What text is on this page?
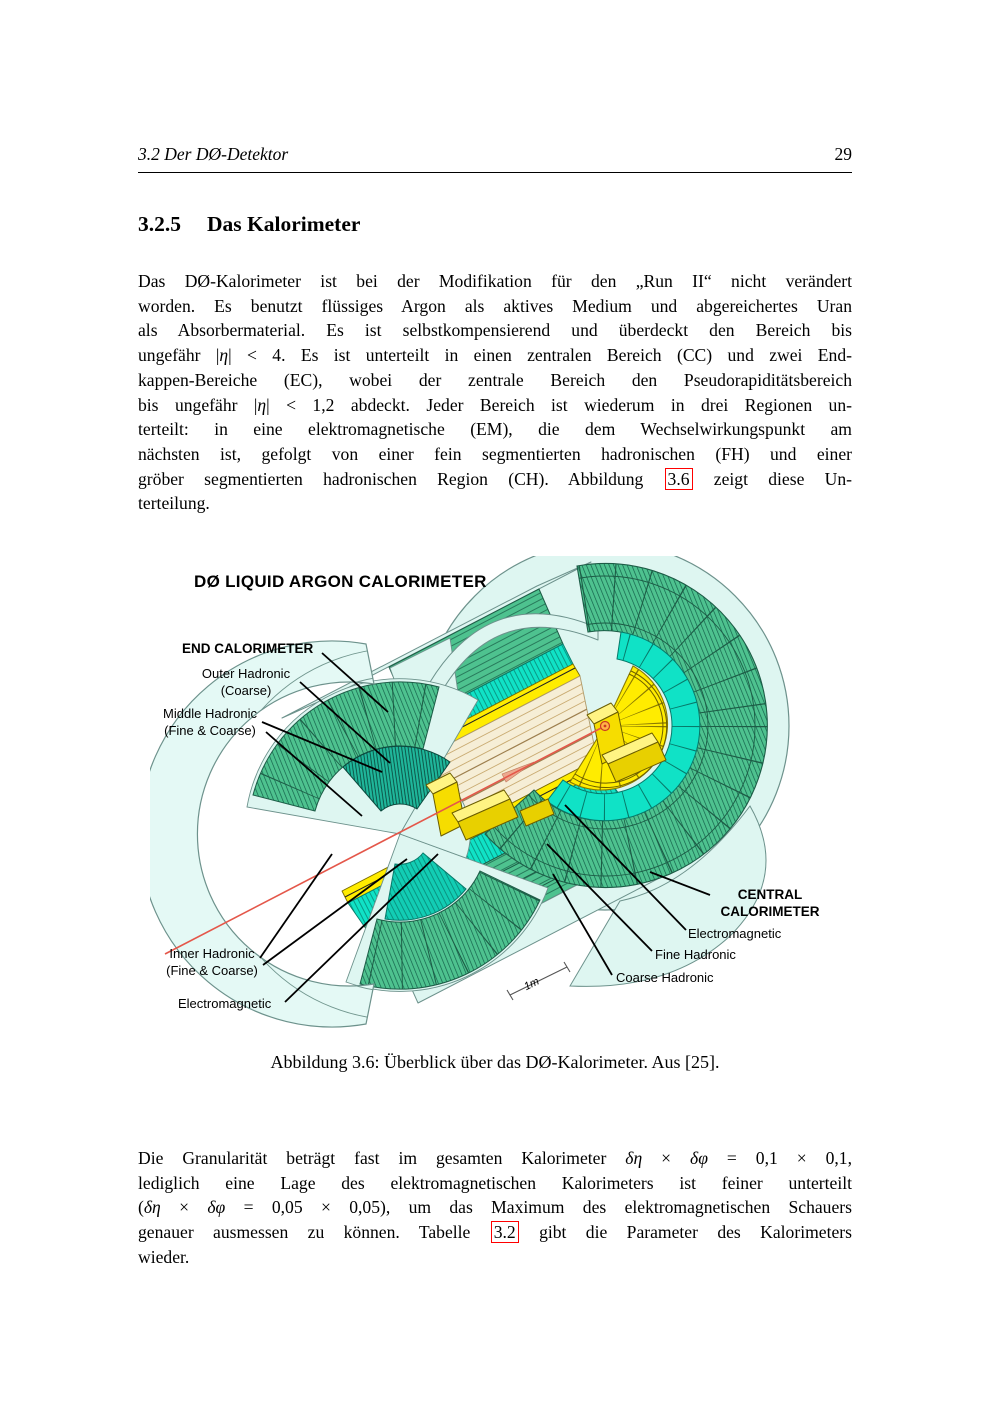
3.2 Der DØ-Detektor	29
3.2.5 Das Kalorimeter
Das DØ-Kalorimeter ist bei der Modifikation für den „Run II“ nicht verändert
worden. Es benutzt flüssiges Argon als aktives Medium und abgereichertes Uran
als Absorbermaterial. Es ist selbstkompensierend und überdeckt den Bereich bis
ungefähr |η| < 4. Es ist unterteilt in einen zentralen Bereich (CC) und zwei End-
kappen-Bereiche (EC), wobei der zentrale Bereich den Pseudorapiditätsbereich
bis ungefähr |η| < 1,2 abdeckt. Jeder Bereich ist wiederum in drei Regionen un-
terteilt: in eine elektromagnetische (EM), die dem Wechselwirkungspunkt am
nächsten ist, gefolgt von einer fein segmentierten hadronischen (FH) und einer
gröber segmentierten hadronischen Region (CH). Abbildung 3.6 zeigt diese Un-
terteilung.
1m
DØ LIQUID ARGON CALORIMETER
END CALORIMETER
Outer Hadronic
(Coarse)
Middle Hadronic
(Fine & Coarse)
Inner Hadronic
(Fine & Coarse)
Electromagnetic
CENTRAL
CALORIMETER
Electromagnetic
Fine Hadronic
Coarse Hadronic
Abbildung 3.6: Überblick über das DØ-Kalorimeter. Aus [25].
Die Granularität beträgt fast im gesamten Kalorimeter δη × δφ = 0,1 × 0,1,
lediglich eine Lage des elektromagnetischen Kalorimeters ist feiner unterteilt
(δη × δφ = 0,05 × 0,05), um das Maximum des elektromagnetischen Schauers
genauer ausmessen zu können. Tabelle 3.2 gibt die Parameter des Kalorimeters
wieder.
